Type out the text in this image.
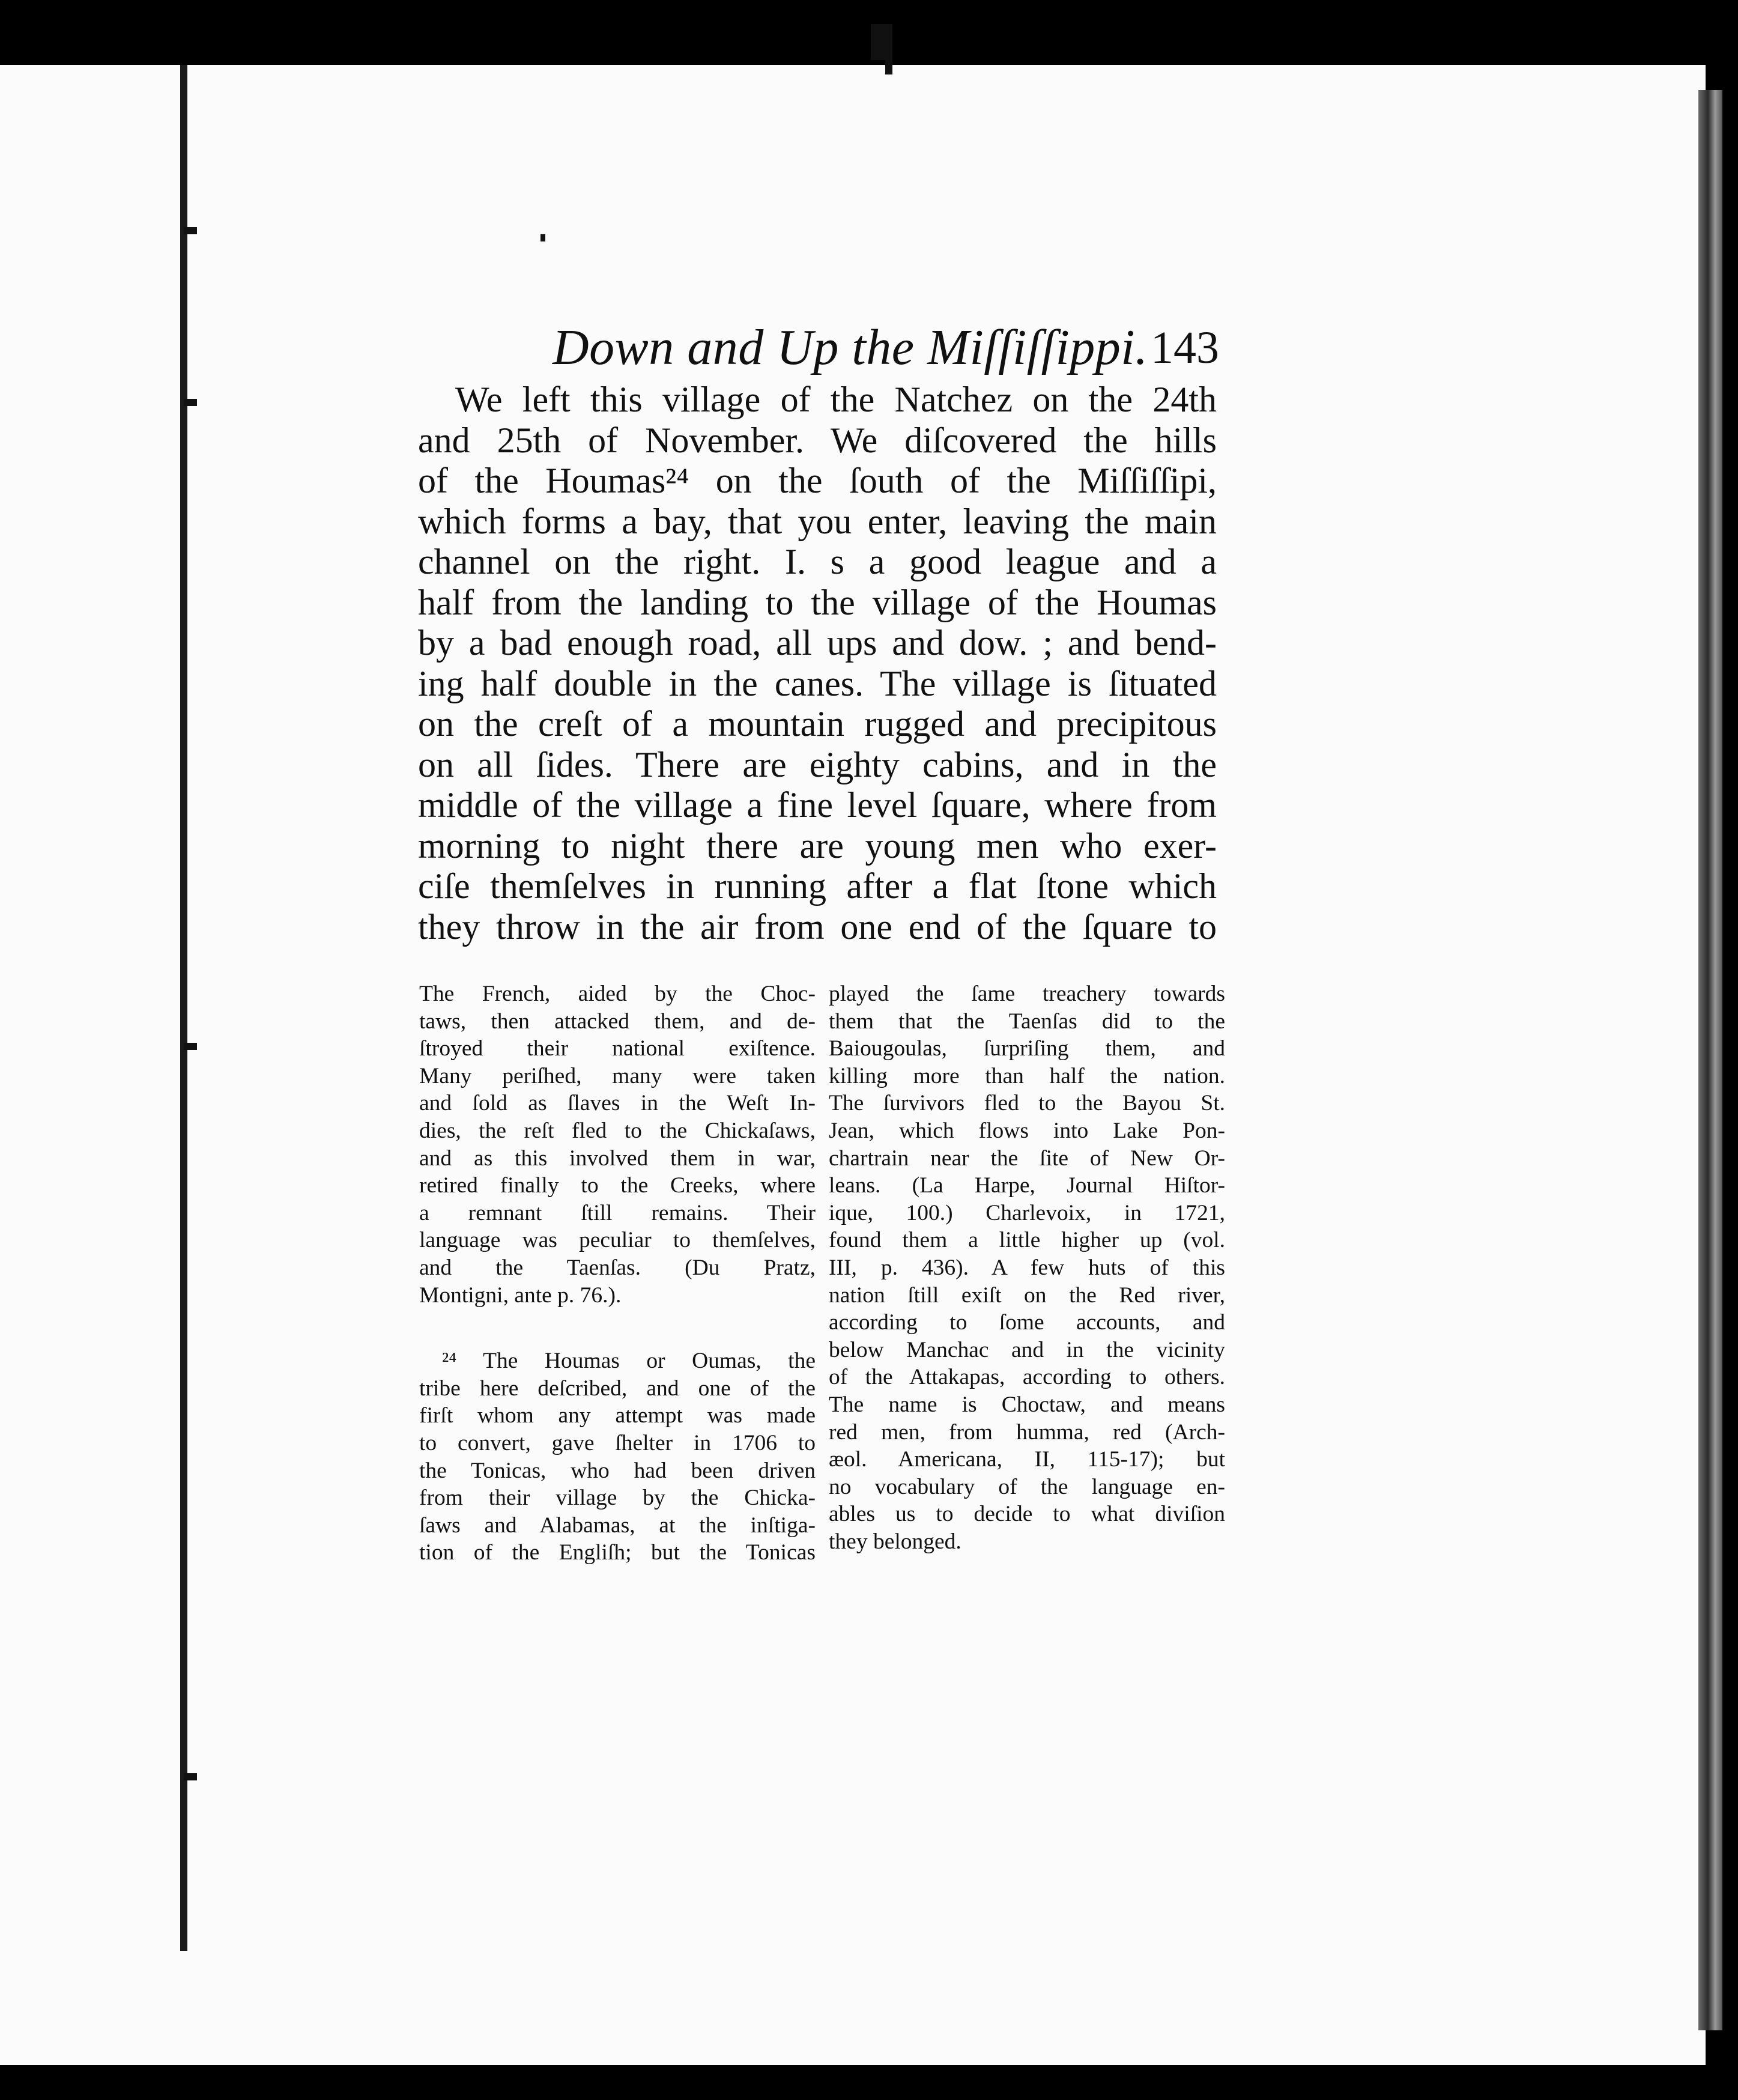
Down and Up the Miſſiſſippi. 143
We left this village of the Natchez on the 24th
and 25th of November. We diſcovered the hills
of the Houmas²⁴ on the ſouth of the Miſſiſſipi,
which forms a bay, that you enter, leaving the main
channel on the right. I. s a good league and a
half from the landing to the village of the Houmas
by a bad enough road, all ups and dow. ; and bend-
ing half double in the canes. The village is ſituated
on the creſt of a mountain rugged and precipitous
on all ſides. There are eighty cabins, and in the
middle of the village a fine level ſquare, where from
morning to night there are young men who exer-
ciſe themſelves in running after a flat ſtone which
they throw in the air from one end of the ſquare to
The French, aided by the Choc-
taws, then attacked them, and de-
ſtroyed their national exiſtence.
Many periſhed, many were taken
and ſold as ſlaves in the Weſt In-
dies, the reſt fled to the Chickaſaws,
and as this involved them in war,
retired finally to the Creeks, where
a remnant ſtill remains. Their
language was peculiar to themſelves,
and the Taenſas. (Du Pratz,
Montigni, ante p. 76.).
²⁴ The Houmas or Oumas, the
tribe here deſcribed, and one of the
firſt whom any attempt was made
to convert, gave ſhelter in 1706 to
the Tonicas, who had been driven
from their village by the Chicka-
ſaws and Alabamas, at the inſtiga-
tion of the Engliſh; but the Tonicas
played the ſame treachery towards
them that the Taenſas did to the
Baiougoulas, ſurpriſing them, and
killing more than half the nation.
The ſurvivors fled to the Bayou St.
Jean, which flows into Lake Pon-
chartrain near the ſite of New Or-
leans. (La Harpe, Journal Hiſtor-
ique, 100.) Charlevoix, in 1721,
found them a little higher up (vol.
III, p. 436). A few huts of this
nation ſtill exiſt on the Red river,
according to ſome accounts, and
below Manchac and in the vicinity
of the Attakapas, according to others.
The name is Choctaw, and means
red men, from humma, red (Arch-
æol. Americana, II, 115-17); but
no vocabulary of the language en-
ables us to decide to what diviſion
they belonged.
